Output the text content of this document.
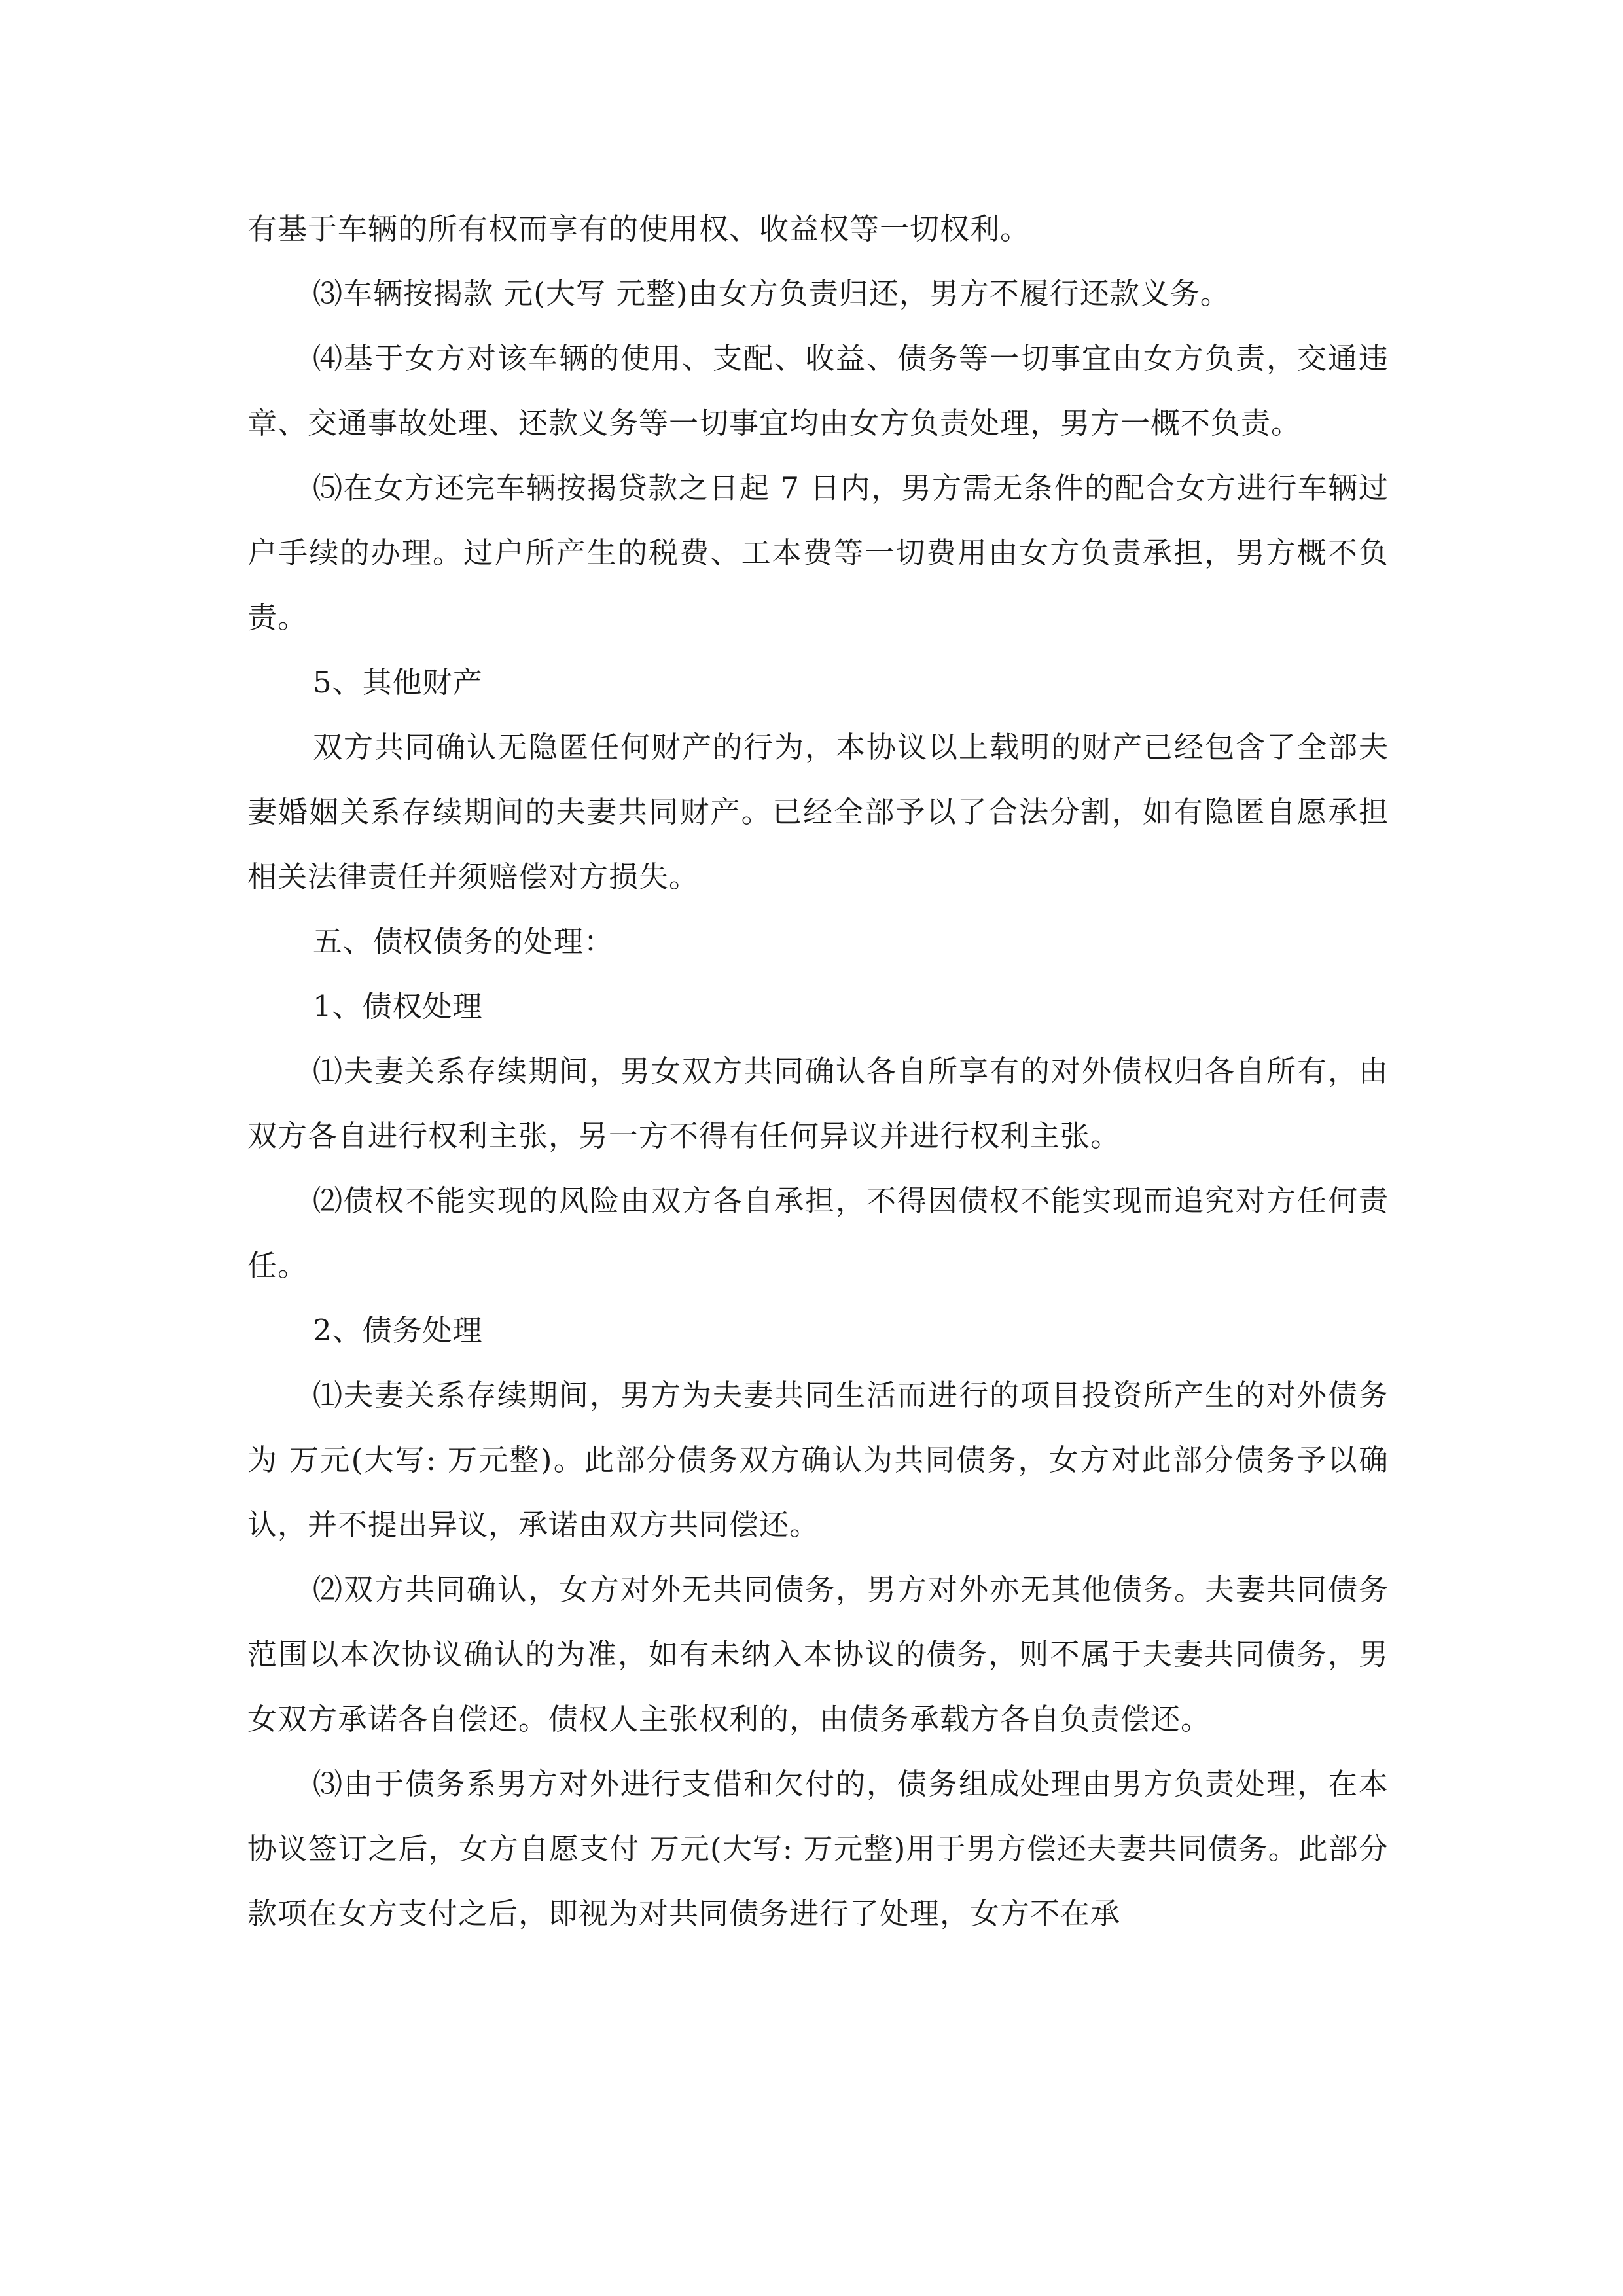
有基于车辆的所有权而享有的使用权、收益权等一切权利。

⑶车辆按揭款 元(大写 元整)由女方负责归还，男方不履行还款义务。

⑷基于女方对该车辆的使用、支配、收益、债务等一切事宜由女方负责，交通违章、交通事故处理、还款义务等一切事宜均由女方负责处理，男方一概不负责。

⑸在女方还完车辆按揭贷款之日起 7 日内，男方需无条件的配合女方进行车辆过户手续的办理。过户所产生的税费、工本费等一切费用由女方负责承担，男方概不负责。

5、其他财产

双方共同确认无隐匿任何财产的行为，本协议以上载明的财产已经包含了全部夫妻婚姻关系存续期间的夫妻共同财产。已经全部予以了合法分割，如有隐匿自愿承担相关法律责任并须赔偿对方损失。

五、债权债务的处理：

1、债权处理

⑴夫妻关系存续期间，男女双方共同确认各自所享有的对外债权归各自所有，由双方各自进行权利主张，另一方不得有任何异议并进行权利主张。

⑵债权不能实现的风险由双方各自承担，不得因债权不能实现而追究对方任何责任。

2、债务处理

⑴夫妻关系存续期间，男方为夫妻共同生活而进行的项目投资所产生的对外债务为 万元(大写: 万元整)。此部分债务双方确认为共同债务，女方对此部分债务予以确认，并不提出异议，承诺由双方共同偿还。

⑵双方共同确认，女方对外无共同债务，男方对外亦无其他债务。夫妻共同债务范围以本次协议确认的为准，如有未纳入本协议的债务，则不属于夫妻共同债务，男女双方承诺各自偿还。债权人主张权利的，由债务承载方各自负责偿还。

⑶由于债务系男方对外进行支借和欠付的，债务组成处理由男方负责处理，在本协议签订之后，女方自愿支付 万元(大写: 万元整)用于男方偿还夫妻共同债务。此部分款项在女方支付之后，即视为对共同债务进行了处理，女方不在承
